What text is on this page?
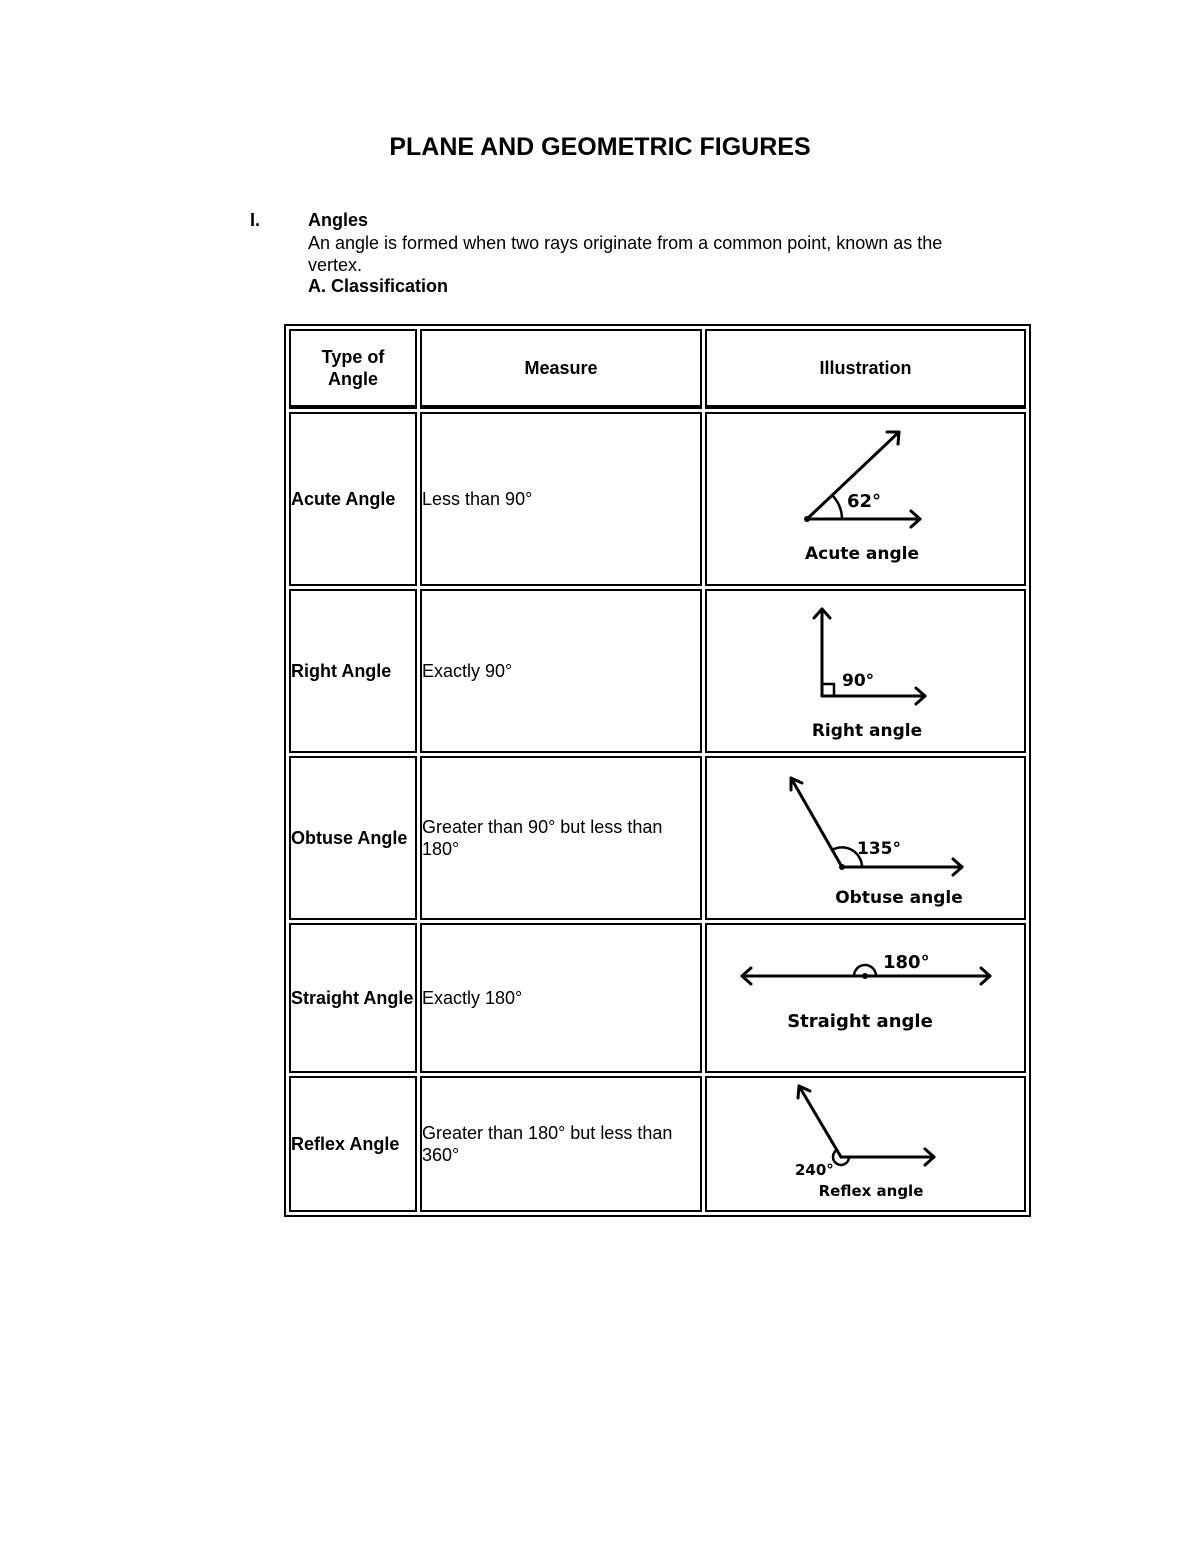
PLANE AND GEOMETRIC FIGURES
I.	Angles

An angle is formed when two rays originate from a common point, known as the vertex.

A. Classification
Type of Angle	Measure	Illustration
Acute Angle	Less than 90°	62°
Acute angle

Right Angle	Exactly 90°	90°
Right angle

Obtuse Angle	Greater than 90° but less than 180°	135°
Obtuse angle

Straight Angle	Exactly 180°	180°
Straight angle

Reflex Angle	Greater than 180° but less than 360°	240°
Reflex angle
